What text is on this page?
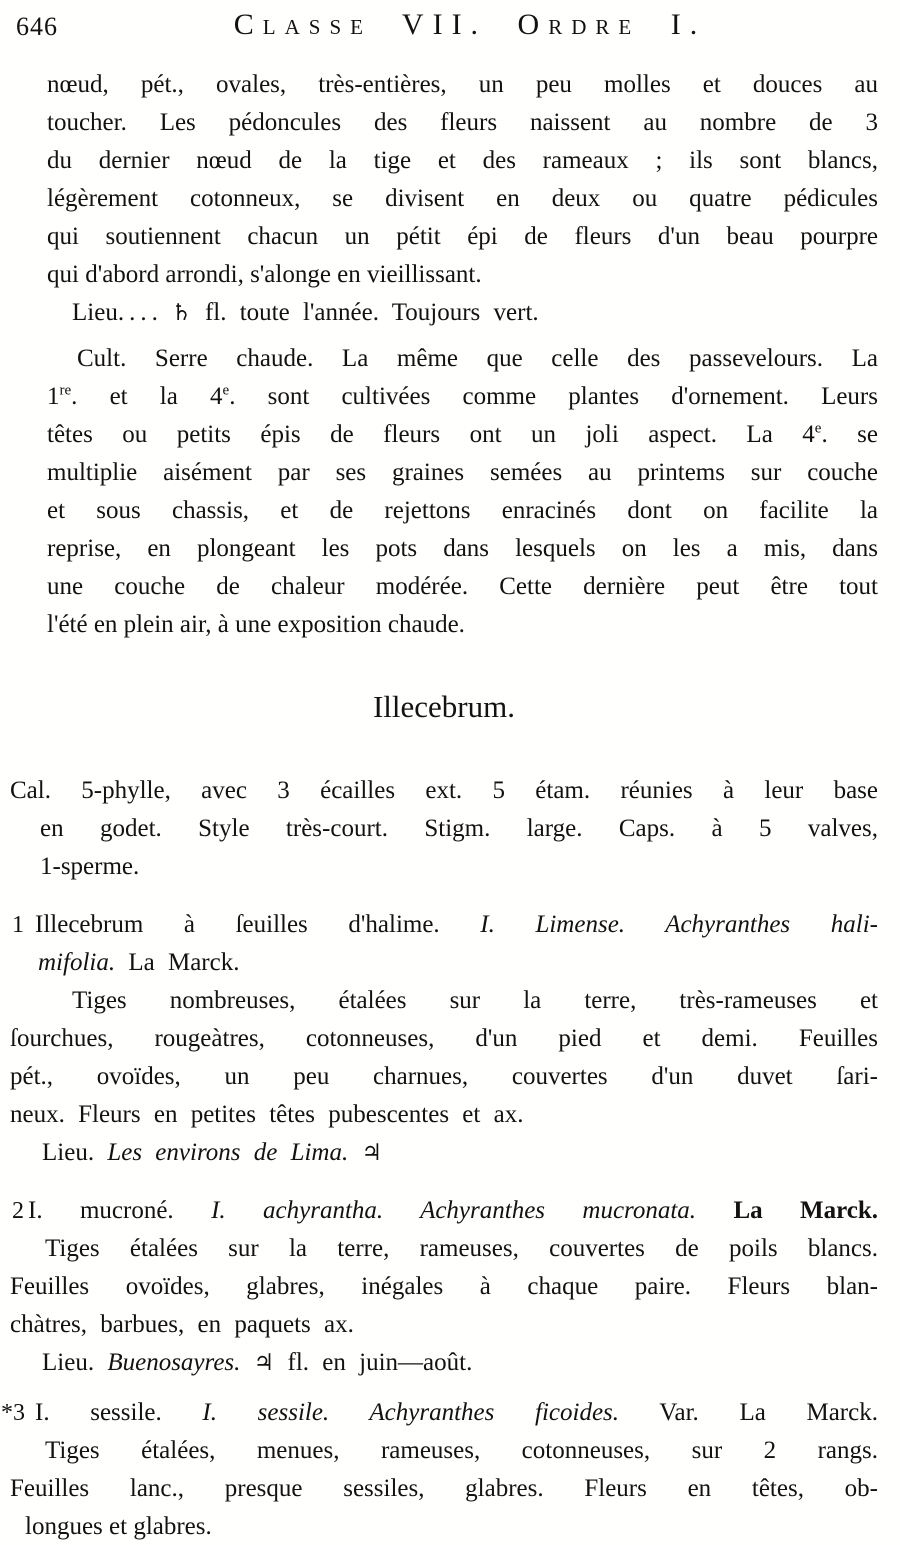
646	Classe VII. Ordre I.
nœud, pét., ovales, très-entières, un peu molles et douces au
toucher. Les pédoncules des fleurs naissent au nombre de 3
du dernier nœud de la tige et des rameaux ; ils sont blancs,
légèrement cotonneux, se divisent en deux ou quatre pédicules
qui soutiennent chacun un pétit épi de fleurs d'un beau pourpre
qui d'abord arrondi, s'alonge en vieillissant.
Lieu. . . . ♄ fl. toute l'année. Toujours vert.
Cult. Serre chaude. La même que celle des passevelours. La
1re. et la 4e. sont cultivées comme plantes d'ornement. Leurs
têtes ou petits épis de fleurs ont un joli aspect. La 4e. se
multiplie aisément par ses graines semées au printems sur couche
et sous chassis, et de rejettons enracinés dont on facilite la
reprise, en plongeant les pots dans lesquels on les a mis, dans
une couche de chaleur modérée. Cette dernière peut être tout
l'été en plein air, à une exposition chaude.
Illecebrum.
Cal. 5-phylle, avec 3 écailles ext. 5 étam. réunies à leur base
en godet. Style très-court. Stigm. large. Caps. à 5 valves,
1-sperme.
1 Illecebrum à ſeuilles d'halime. I. Limense. Achyranthes hali-
mifolia. La Marck.
Tiges nombreuses, étalées sur la terre, très-rameuses et
ſourchues, rougeàtres, cotonneuses, d'un pied et demi. Feuilles
pét., ovoïdes, un peu charnues, couvertes d'un duvet ſari-
neux. Fleurs en petites têtes pubescentes et ax.
Lieu. Les environs de Lima. ♃
2 I. mucroné. I. achyrantha. Achyranthes mucronata. La Marck.
Tiges étalées sur la terre, rameuses, couvertes de poils blancs.
Feuilles ovoïdes, glabres, inégales à chaque paire. Fleurs blan-
chàtres, barbues, en paquets ax.
Lieu. Buenosayres. ♃ fl. en juin—août.
*3 I. sessile. I. sessile. Achyranthes ficoides. Var. La Marck.
Tiges étalées, menues, rameuses, cotonneuses, sur 2 rangs.
Feuilles lanc., presque sessiles, glabres. Fleurs en têtes, ob-
longues et glabres.
